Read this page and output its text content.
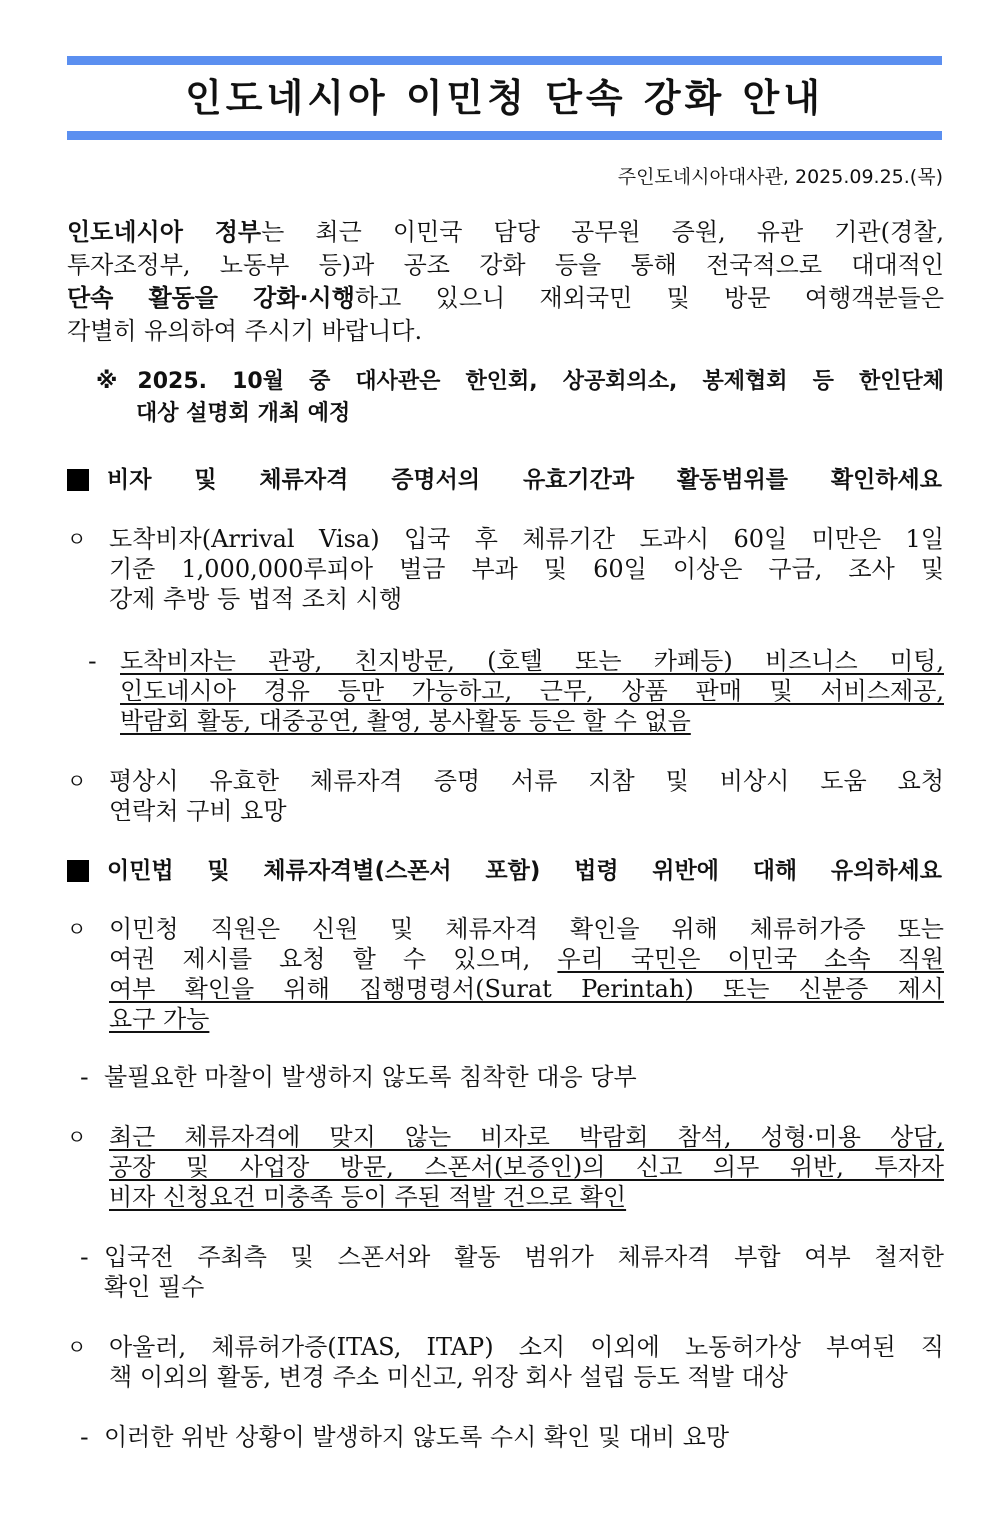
인도네시아 이민청 단속 강화 안내
주인도네시아대사관, 2025.09.25.(목)
인도네시아 정부는 최근 이민국 담당 공무원 증원, 유관 기관(경찰,
투자조정부, 노동부 등)과 공조 강화 등을 통해 전국적으로 대대적인
단속 활동을 강화·시행하고 있으니 재외국민 및 방문 여행객분들은
각별히 유의하여 주시기 바랍니다.
※ 2025. 10월 중 대사관은 한인회, 상공회의소, 봉제협회 등 한인단체
대상 설명회 개최 예정
비자 및 체류자격 증명서의 유효기간과 활동범위를 확인하세요
ㅇ 도착비자(Arrival Visa) 입국 후 체류기간 도과시 60일 미만은 1일
기준 1,000,000루피아 벌금 부과 및 60일 이상은 구금, 조사 및
강제 추방 등 법적 조치 시행
- 도착비자는 관광, 친지방문, (호텔 또는 카페등) 비즈니스 미팅,
인도네시아 경유 등만 가능하고, 근무, 상품 판매 및 서비스제공,
박람회 활동, 대중공연, 촬영, 봉사활동 등은 할 수 없음
ㅇ 평상시 유효한 체류자격 증명 서류 지참 및 비상시 도움 요청
연락처 구비 요망
이민법 및 체류자격별(스폰서 포함) 법령 위반에 대해 유의하세요
ㅇ 이민청 직원은 신원 및 체류자격 확인을 위해 체류허가증 또는
여권 제시를 요청 할 수 있으며, 우리 국민은 이민국 소속 직원
여부 확인을 위해 집행명령서(Surat Perintah) 또는 신분증 제시
요구 가능
- 불필요한 마찰이 발생하지 않도록 침착한 대응 당부
ㅇ 최근 체류자격에 맞지 않는 비자로 박람회 참석, 성형·미용 상담,
공장 및 사업장 방문, 스폰서(보증인)의 신고 의무 위반, 투자자
비자 신청요건 미충족 등이 주된 적발 건으로 확인
- 입국전 주최측 및 스폰서와 활동 범위가 체류자격 부합 여부 철저한
확인 필수
ㅇ 아울러, 체류허가증(ITAS, ITAP) 소지 이외에 노동허가상 부여된 직
책 이외의 활동, 변경 주소 미신고, 위장 회사 설립 등도 적발 대상
- 이러한 위반 상황이 발생하지 않도록 수시 확인 및 대비 요망
